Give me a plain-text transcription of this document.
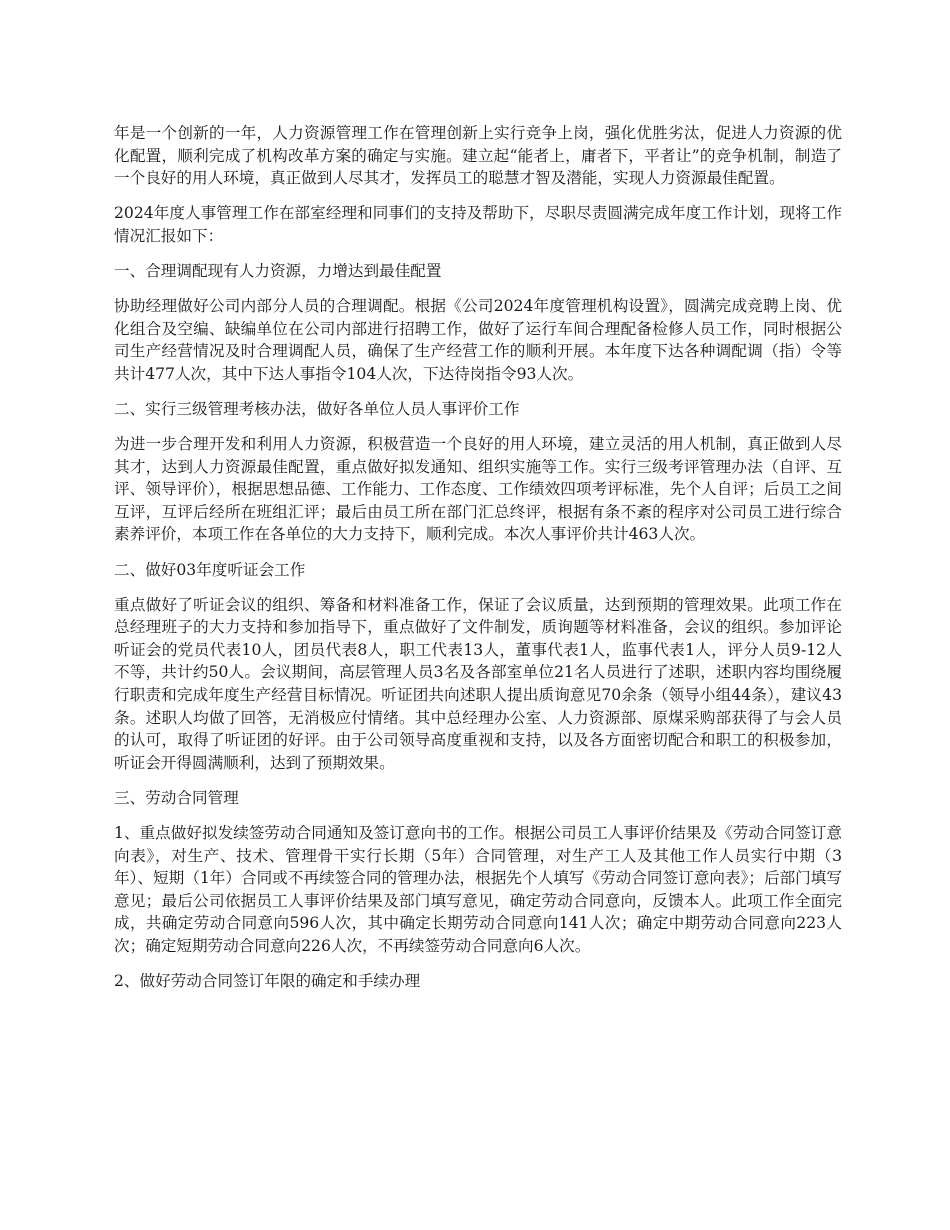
年是一个创新的一年，人力资源管理工作在管理创新上实行竞争上岗，强化优胜劣汰，促进人力资源的优化配置，顺利完成了机构改革方案的确定与实施。建立起“能者上，庸者下，平者让”的竞争机制，制造了一个良好的用人环境，真正做到人尽其才，发挥员工的聪慧才智及潜能，实现人力资源最佳配置。

2024年度人事管理工作在部室经理和同事们的支持及帮助下，尽职尽责圆满完成年度工作计划，现将工作情况汇报如下：

一、合理调配现有人力资源，力增达到最佳配置

协助经理做好公司内部分人员的合理调配。根据《公司2024年度管理机构设置》，圆满完成竞聘上岗、优化组合及空编、缺编单位在公司内部进行招聘工作，做好了运行车间合理配备检修人员工作，同时根据公司生产经营情况及时合理调配人员，确保了生产经营工作的顺利开展。本年度下达各种调配调（指）令等共计477人次，其中下达人事指令104人次，下达待岗指令93人次。

二、实行三级管理考核办法，做好各单位人员人事评价工作

为进一步合理开发和利用人力资源，积极营造一个良好的用人环境，建立灵活的用人机制，真正做到人尽其才，达到人力资源最佳配置，重点做好拟发通知、组织实施等工作。实行三级考评管理办法（自评、互评、领导评价），根据思想品德、工作能力、工作态度、工作绩效四项考评标准，先个人自评；后员工之间互评，互评后经所在班组汇评；最后由员工所在部门汇总终评，根据有条不紊的程序对公司员工进行综合素养评价，本项工作在各单位的大力支持下，顺利完成。本次人事评价共计463人次。

二、做好03年度听证会工作

重点做好了听证会议的组织、筹备和材料准备工作，保证了会议质量，达到预期的管理效果。此项工作在总经理班子的大力支持和参加指导下，重点做好了文件制发，质询题等材料准备，会议的组织。参加评论听证会的党员代表10人，团员代表8人，职工代表13人，董事代表1人，监事代表1人，评分人员9-12人不等，共计约50人。会议期间，高层管理人员3名及各部室单位21名人员进行了述职，述职内容均围绕履行职责和完成年度生产经营目标情况。听证团共向述职人提出质询意见70余条（领导小组44条），建议43条。述职人均做了回答，无消极应付情绪。其中总经理办公室、人力资源部、原煤采购部获得了与会人员的认可，取得了听证团的好评。由于公司领导高度重视和支持，以及各方面密切配合和职工的积极参加，听证会开得圆满顺利，达到了预期效果。

三、劳动合同管理

1、重点做好拟发续签劳动合同通知及签订意向书的工作。根据公司员工人事评价结果及《劳动合同签订意向表》，对生产、技术、管理骨干实行长期（5年）合同管理，对生产工人及其他工作人员实行中期（3年）、短期（1年）合同或不再续签合同的管理办法，根据先个人填写《劳动合同签订意向表》；后部门填写意见；最后公司依据员工人事评价结果及部门填写意见，确定劳动合同意向，反馈本人。此项工作全面完成，共确定劳动合同意向596人次，其中确定长期劳动合同意向141人次；确定中期劳动合同意向223人次；确定短期劳动合同意向226人次，不再续签劳动合同意向6人次。

2、做好劳动合同签订年限的确定和手续办理
